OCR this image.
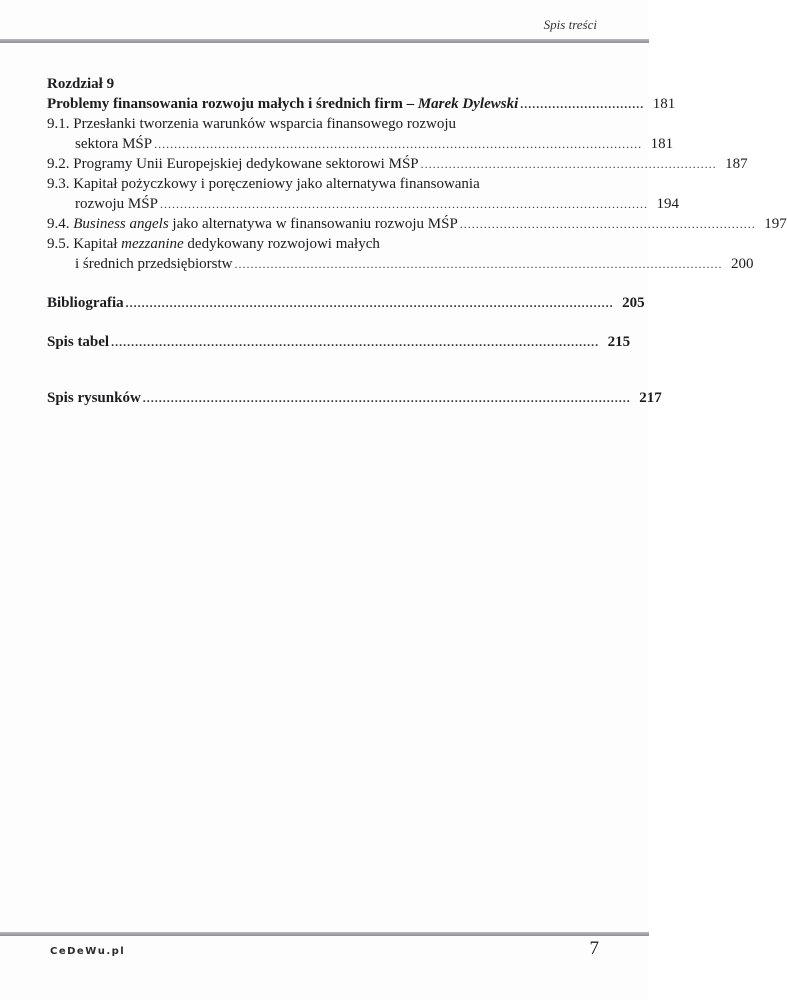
Spis treści
Rozdział 9
Problemy finansowania rozwoju małych i średnich firm – Marek Dylewski ............................... 181
9.1. Przesłanki tworzenia warunków wsparcia finansowego rozwoju
sektora MŚP .......................................................................................................................... 181
9.2. Programy Unii Europejskiej dedykowane sektorowi MŚP .......................................................................... 187
9.3. Kapitał pożyczkowy i poręczeniowy jako alternatywa finansowania
rozwoju MŚP .......................................................................................................................... 194
9.4. Business angels jako alternatywa w finansowaniu rozwoju MŚP .......................................................................... 197
9.5. Kapitał mezzanine dedykowany rozwojowi małych
i średnich przedsiębiorstw .......................................................................................................................... 200
Bibliografia .......................................................................................................................... 205
Spis tabel .......................................................................................................................... 215
Spis rysunków .......................................................................................................................... 217
CeDeWu.pl	7
